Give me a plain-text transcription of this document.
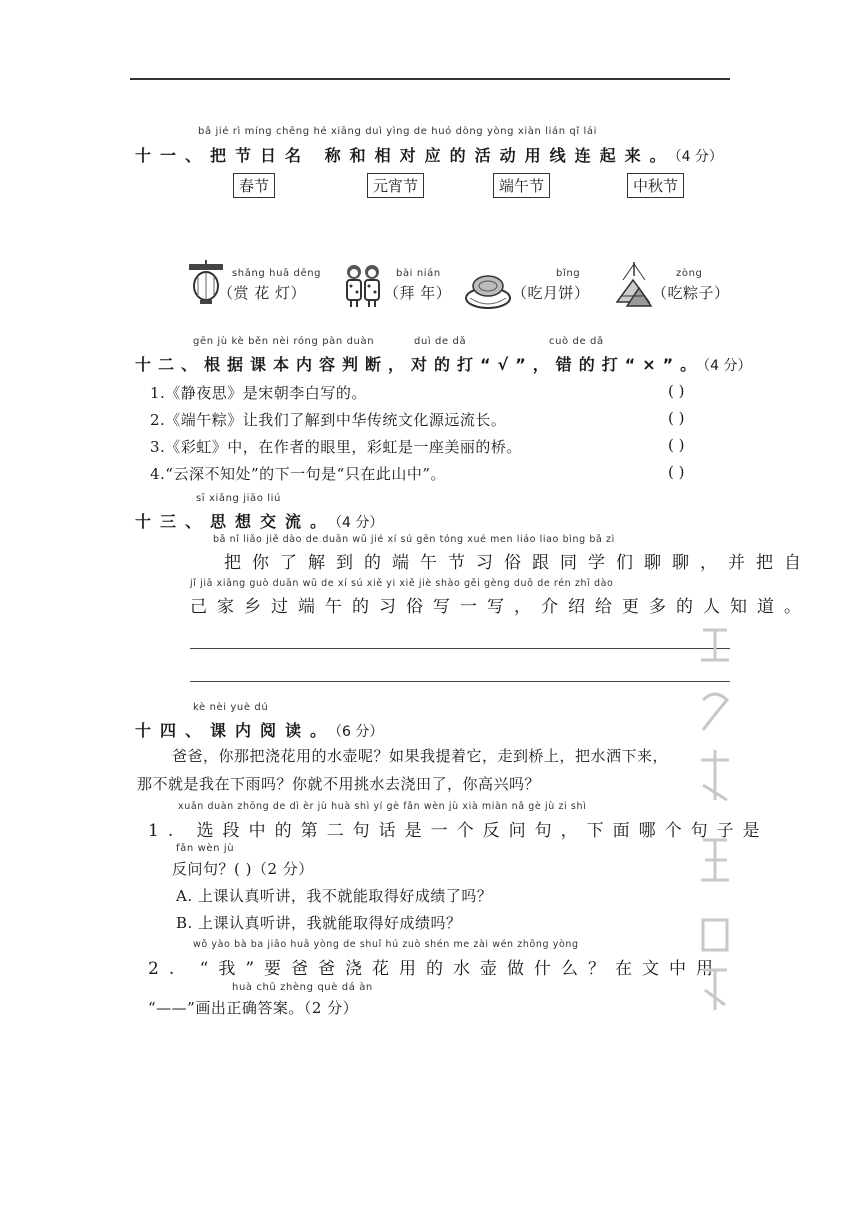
bǎ jié rì míng chēng hé xiāng duì yìng de huó dòng yòng xiàn lián qǐ lái
十一、把节日名 称和相对应的活动用线连起来。（4 分）
春节	元宵节	端午节	中秋节
shǎng huā dēng
（赏 花 灯）
bài nián
（拜 年）
bǐng
（吃月饼）
zòng
（吃粽子）
gēn jù kè běn nèi róng pàn duàn	duì de dǎ	cuò de dǎ
十二、根据课本内容判断，对的打“√”，错的打“×”。（4 分）
1.《静夜思》是宋朝李白写的。	( )
2.《端午粽》让我们了解到中华传统文化源远流长。	( )
3.《彩虹》中，在作者的眼里，彩虹是一座美丽的桥。	( )
4.“云深不知处”的下一句是“只在此山中”。	( )
sī xiǎng jiāo liú
十三、思想交流。（4 分）
bǎ nǐ liǎo jiě dào de duān wǔ jié xí sú gēn tóng xué men liáo liao bìng bǎ zì
把你了解到的端午节习俗跟同学们聊聊，并把自
jǐ jiā xiāng guò duān wǔ de xí sú xiě yi xiě jiè shào gěi gèng duō de rén zhī dào
己家乡过端午的习俗写一写，介绍给更多的人知道。
kè nèi yuè dú
十四、课内阅读。（6 分）
爸爸，你那把浇花用的水壶呢？如果我提着它，走到桥上，把水洒下来，
那不就是我在下雨吗？你就不用挑水去浇田了，你高兴吗？
xuǎn duàn zhōng de dì èr jù huà shì yí gè fǎn wèn jù xià miàn nǎ gè jù zi shì
1. 选段中的第二句话是一个反问句，下面哪个句子是
fǎn wèn jù
反问句？( )（2 分）
A. 上课认真听讲，我不就能取得好成绩了吗？
B. 上课认真听讲，我就能取得好成绩吗？
wǒ yào bà ba jiāo huā yòng de shuǐ hú zuò shén me zài wén zhōng yòng
2. “我”要爸爸浇花用的水壶做什么？在文中用
huà chū zhèng què dá àn
“——”画出正确答案。（2 分）
